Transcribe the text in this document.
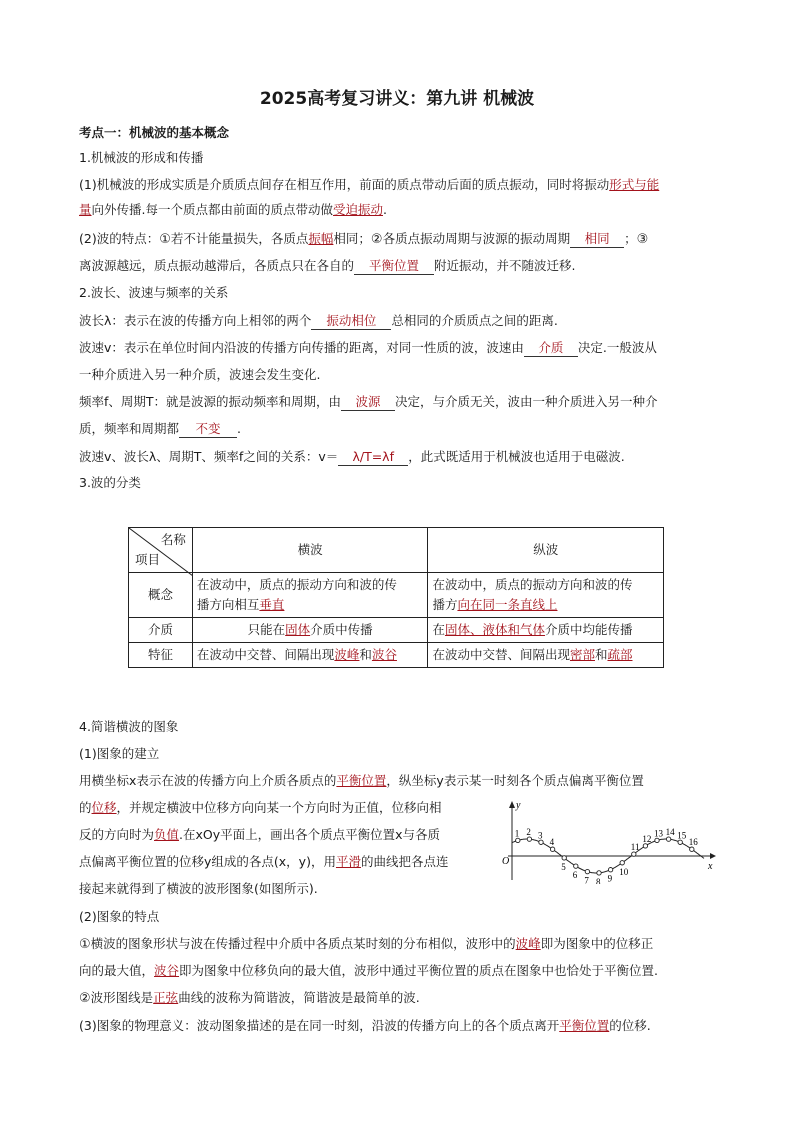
2025高考复习讲义：第九讲 机械波
考点一：机械波的基本概念
1.机械波的形成和传播
(1)机械波的形成实质是介质质点间存在相互作用，前面的质点带动后面的质点振动，同时将振动形式与能
量向外传播.每一个质点都由前面的质点带动做受迫振动.
(2)波的特点：①若不计能量损失，各质点振幅相同；②各质点振动周期与波源的振动周期 相同 ；③
离波源越远，质点振动越滞后，各质点只在各自的 平衡位置 附近振动，并不随波迁移.
2.波长、波速与频率的关系
波长λ：表示在波的传播方向上相邻的两个 振动相位 总相同的介质质点之间的距离.
波速v：表示在单位时间内沿波的传播方向传播的距离，对同一性质的波，波速由 介质 决定.一般波从
一种介质进入另一种介质，波速会发生变化.
频率f、周期T：就是波源的振动频率和周期，由 波源 决定，与介质无关，波由一种介质进入另一种介
质，频率和周期都 不变 .
波速v、波长λ、周期T、频率f之间的关系：v＝ λ/T=λf ，此式既适用于机械波也适用于电磁波.
3.波的分类
名称
项目	横波	纵波
概念	在波动中，质点的振动方向和波的传
播方向相互垂直	在波动中，质点的振动方向和波的传
播方向在同一条直线上
介质	只能在固体介质中传播	在固体、液体和气体介质中均能传播
特征	在波动中交替、间隔出现波峰和波谷	在波动中交替、间隔出现密部和疏部
4.简谐横波的图象
(1)图象的建立
用横坐标x表示在波的传播方向上介质各质点的平衡位置，纵坐标y表示某一时刻各个质点偏离平衡位置
的位移，并规定横波中位移方向向某一个方向时为正值，位移向相
反的方向时为负值.在xOy平面上，画出各个质点平衡位置x与各质
点偏离平衡位置的位移y组成的各点(x，y)，用平滑的曲线把各点连
接起来就得到了横波的波形图象(如图所示).
y
x
O
1 2 3
4
5
6
7 8 9
10
11
12
13 14 15
16
(2)图象的特点
①横波的图象形状与波在传播过程中介质中各质点某时刻的分布相似，波形中的波峰即为图象中的位移正
向的最大值，波谷即为图象中位移负向的最大值，波形中通过平衡位置的质点在图象中也恰处于平衡位置.
②波形图线是正弦曲线的波称为简谐波，简谐波是最简单的波.
(3)图象的物理意义：波动图象描述的是在同一时刻，沿波的传播方向上的各个质点离开平衡位置的位移.
